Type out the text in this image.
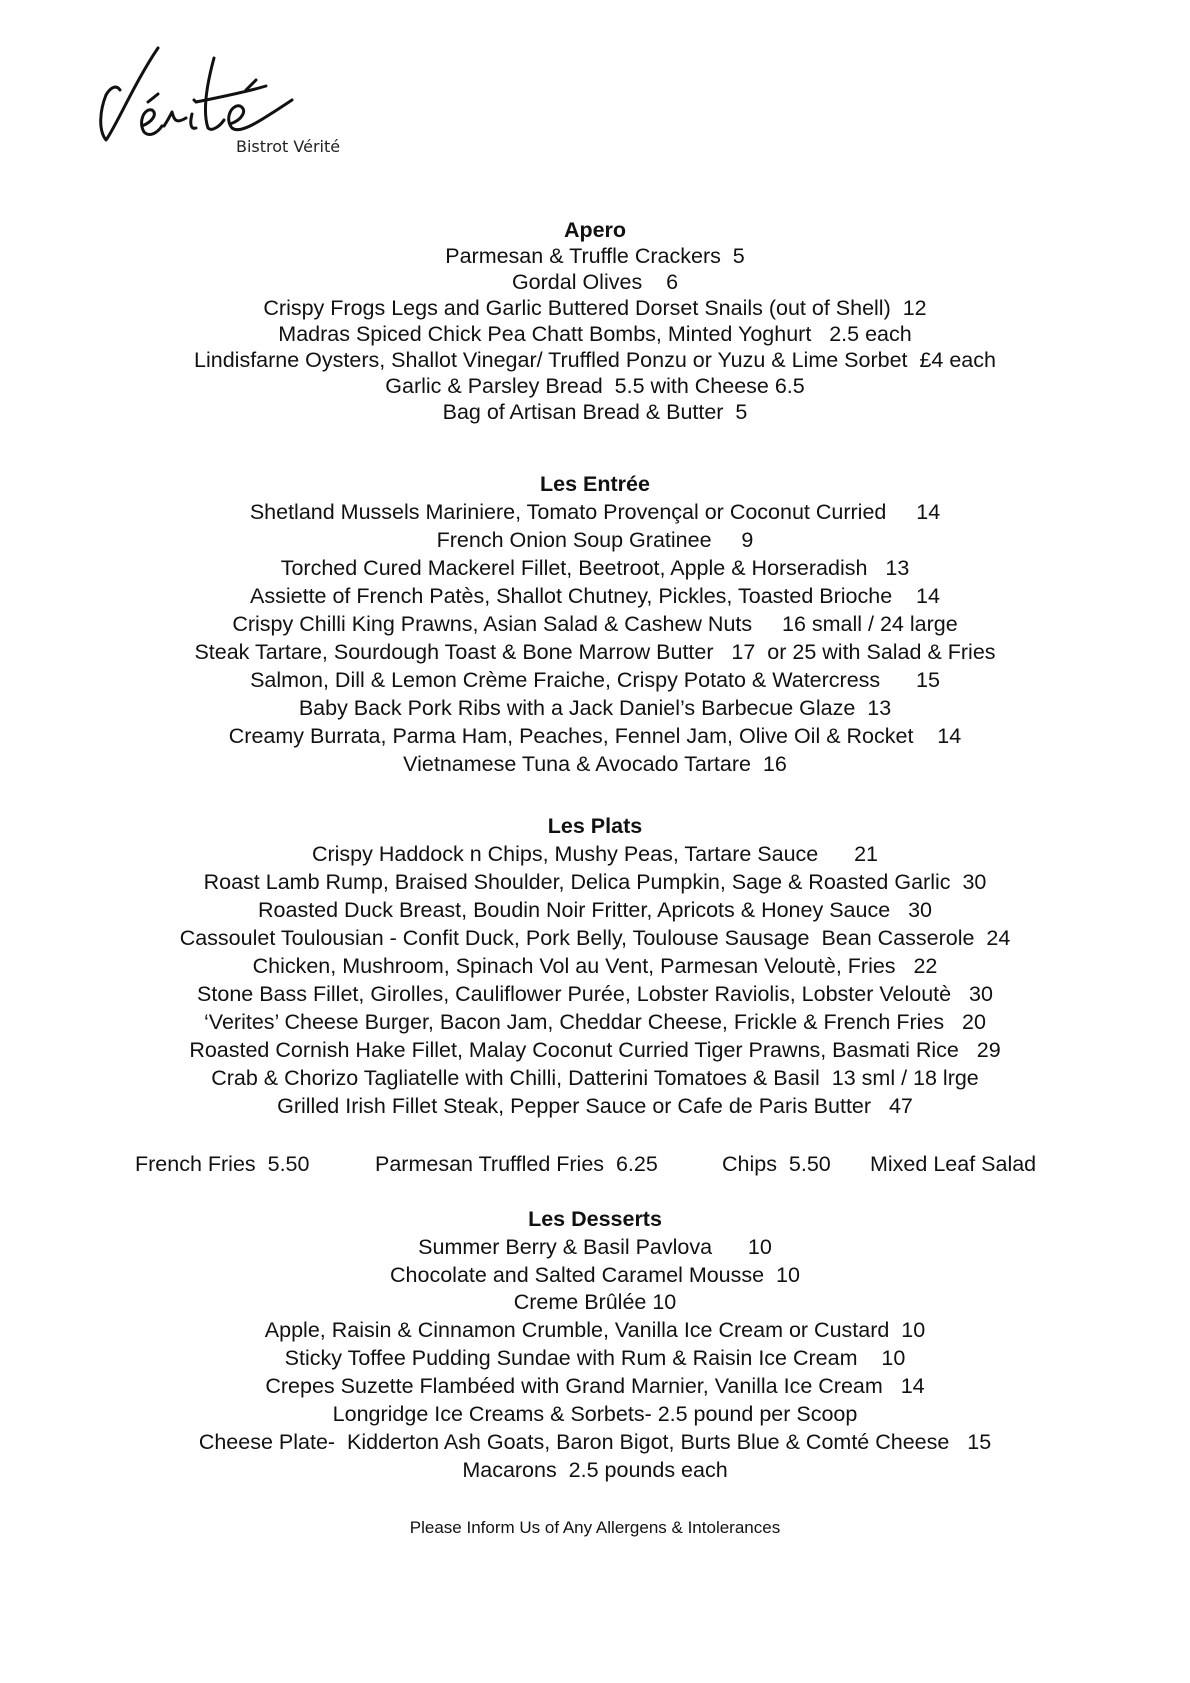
Bistrot Vérité
Apero
Parmesan & Truffle Crackers  5
Gordal Olives    6
Crispy Frogs Legs and Garlic Buttered Dorset Snails (out of Shell)  12
Madras Spiced Chick Pea Chatt Bombs, Minted Yoghurt   2.5 each
Lindisfarne Oysters, Shallot Vinegar/ Truffled Ponzu or Yuzu & Lime Sorbet  £4 each
Garlic & Parsley Bread  5.5 with Cheese 6.5
Bag of Artisan Bread & Butter  5
Les Entrée
Shetland Mussels Mariniere, Tomato Provençal or Coconut Curried     14
French Onion Soup Gratinee     9
Torched Cured Mackerel Fillet, Beetroot, Apple & Horseradish   13
Assiette of French Patès, Shallot Chutney, Pickles, Toasted Brioche    14
Crispy Chilli King Prawns, Asian Salad & Cashew Nuts     16 small / 24 large
Steak Tartare, Sourdough Toast & Bone Marrow Butter   17  or 25 with Salad & Fries
Salmon, Dill & Lemon Crème Fraiche, Crispy Potato & Watercress      15
Baby Back Pork Ribs with a Jack Daniel’s Barbecue Glaze  13
Creamy Burrata, Parma Ham, Peaches, Fennel Jam, Olive Oil & Rocket    14
Vietnamese Tuna & Avocado Tartare  16
Les Plats
Crispy Haddock n Chips, Mushy Peas, Tartare Sauce      21
Roast Lamb Rump, Braised Shoulder, Delica Pumpkin, Sage & Roasted Garlic  30
Roasted Duck Breast, Boudin Noir Fritter, Apricots & Honey Sauce   30
Cassoulet Toulousian - Confit Duck, Pork Belly, Toulouse Sausage  Bean Casserole  24
Chicken, Mushroom, Spinach Vol au Vent, Parmesan Veloutè, Fries   22
Stone Bass Fillet, Girolles, Cauliflower Purée, Lobster Raviolis, Lobster Veloutè   30
‘Verites’ Cheese Burger, Bacon Jam, Cheddar Cheese, Frickle & French Fries   20
Roasted Cornish Hake Fillet, Malay Coconut Curried Tiger Prawns, Basmati Rice   29
Crab & Chorizo Tagliatelle with Chilli, Datterini Tomatoes & Basil  13 sml / 18 lrge
Grilled Irish Fillet Steak, Pepper Sauce or Cafe de Paris Butter   47

French Fries  5.50

	Parmesan Truffled Fries  6.25

	Chips  5.50

Mixed Leaf Salad

Les Desserts
Summer Berry & Basil Pavlova      10
Chocolate and Salted Caramel Mousse  10
Creme Brûlée 10
Apple, Raisin & Cinnamon Crumble, Vanilla Ice Cream or Custard  10
Sticky Toffee Pudding Sundae with Rum & Raisin Ice Cream    10
Crepes Suzette Flambéed with Grand Marnier, Vanilla Ice Cream   14
Longridge Ice Creams & Sorbets- 2.5 pound per Scoop
Cheese Plate-  Kidderton Ash Goats, Baron Bigot, Burts Blue & Comté Cheese   15
Macarons  2.5 pounds each
Please Inform Us of Any Allergens & Intolerances
